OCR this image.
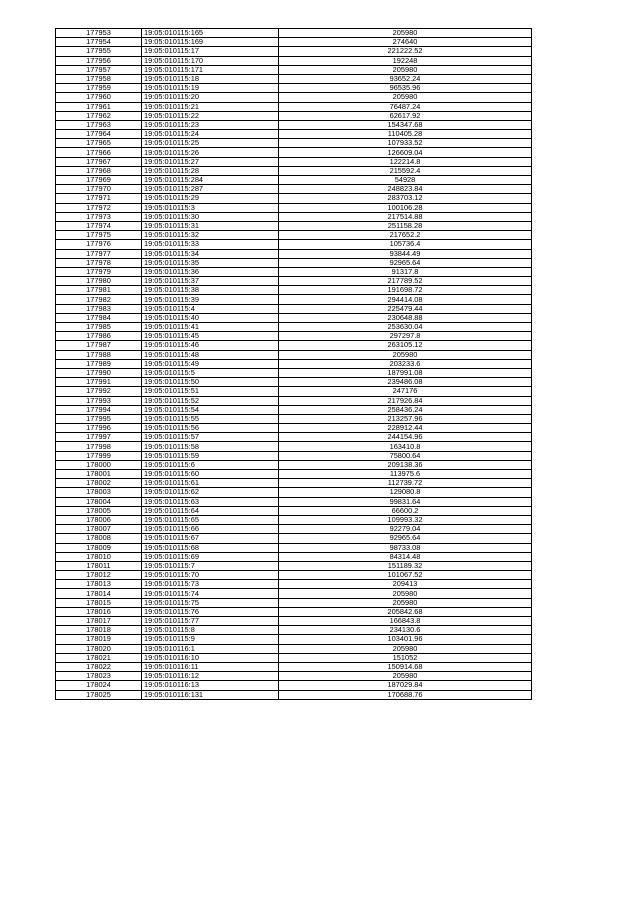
177953	19:05:010115:165	205980
177954	19:05:010115:169	274640
177955	19:05:010115:17	221222.52
177956	19:05:010115:170	192248
177957	19:05:010115:171	205980
177958	19:05:010115:18	93652.24
177959	19:05:010115:19	96535.96
177960	19:05:010115:20	205980
177961	19:05:010115:21	76487.24
177962	19:05:010115:22	62617.92
177963	19:05:010115:23	154347.68
177964	19:05:010115:24	110405.28
177965	19:05:010115:25	107933.52
177966	19:05:010115:26	126609.04
177967	19:05:010115:27	122214.8
177968	19:05:010115:28	215592.4
177969	19:05:010115:284	54928
177970	19:05:010115:287	248823.84
177971	19:05:010115:29	283703.12
177972	19:05:010115:3	100106.28
177973	19:05:010115:30	217514.88
177974	19:05:010115:31	251158.28
177975	19:05:010115:32	217652.2
177976	19:05:010115:33	105736.4
177977	19:05:010115:34	93844.49
177978	19:05:010115:35	92965.64
177979	19:05:010115:36	91317.8
177980	19:05:010115:37	217789.52
177981	19:05:010115:38	191698.72
177982	19:05:010115:39	294414.08
177983	19:05:010115:4	225479.44
177984	19:05:010115:40	230648.88
177985	19:05:010115:41	253630.04
177986	19:05:010115:45	297297.8
177987	19:05:010115:46	263105.12
177988	19:05:010115:48	205980
177989	19:05:010115:49	203233.6
177990	19:05:010115:5	187991.08
177991	19:05:010115:50	239486.08
177992	19:05:010115:51	247176
177993	19:05:010115:52	217926.84
177994	19:05:010115:54	258436.24
177995	19:05:010115:55	213257.96
177996	19:05:010115:56	228912.44
177997	19:05:010115:57	244154.96
177998	19:05:010115:58	163410.8
177999	19:05:010115:59	75800.64
178000	19:05:010115:6	209138.36
178001	19:05:010115:60	113975.6
178002	19:05:010115:61	112739.72
178003	19:05:010115:62	129080.8
178004	19:05:010115:63	99831.64
178005	19:05:010115:64	66600.2
178006	19:05:010115:65	109993.32
178007	19:05:010115:66	92279.04
178008	19:05:010115:67	92965.64
178009	19:05:010115:68	98733.08
178010	19:05:010115:69	84314.48
178011	19:05:010115:7	151189.32
178012	19:05:010115:70	101067.52
178013	19:05:010115:73	209413
178014	19:05:010115:74	205980
178015	19:05:010115:75	205980
178016	19:05:010115:76	205842.68
178017	19:05:010115:77	166843.8
178018	19:05:010115:8	234130.6
178019	19:05:010115:9	103401.96
178020	19:05:010116:1	205980
178021	19:05:010116:10	151052
178022	19:05:010116:11	150914.68
178023	19:05:010116:12	205980
178024	19:05:010116:13	187029.84
178025	19:05:010116:131	170688.76
